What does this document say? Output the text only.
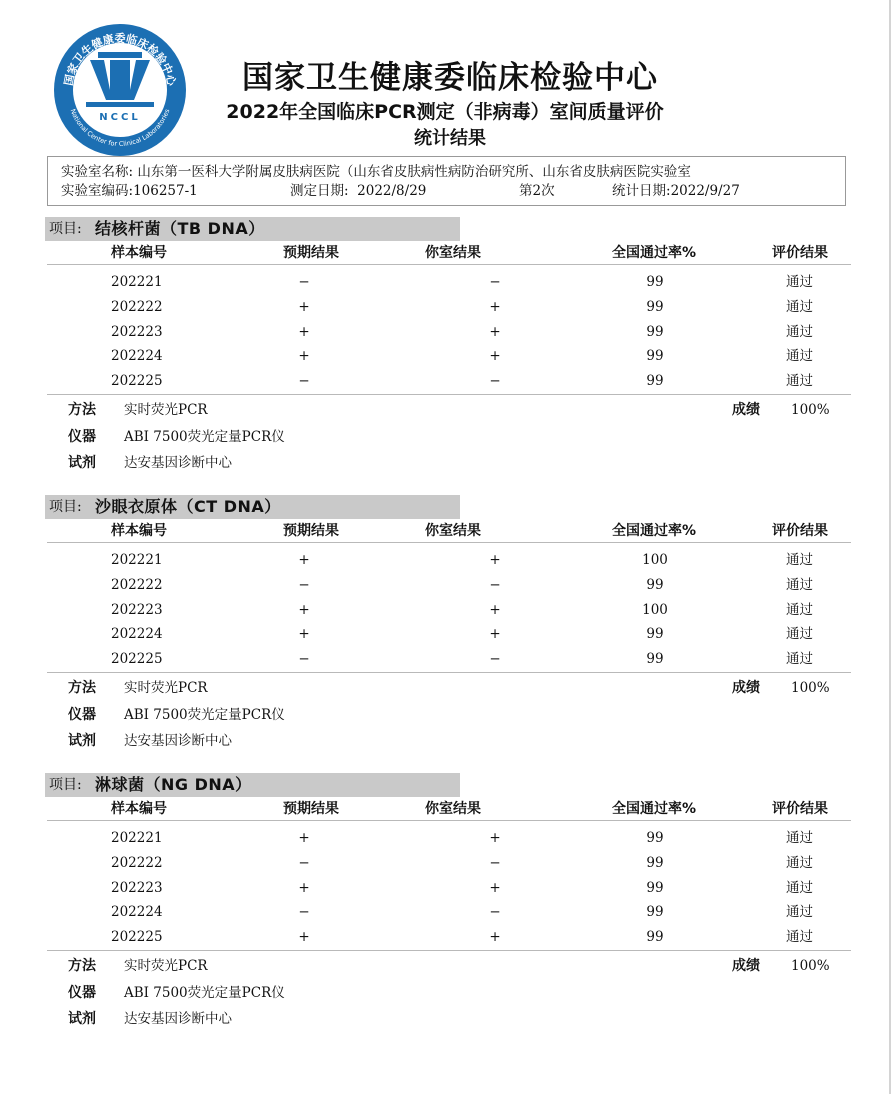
国家卫生健康委临床检验中心
National Center for Clinical Laboratories
NCCL
国家卫生健康委临床检验中心
2022年全国临床PCR测定（非病毒）室间质量评价
统计结果
实验室名称: 山东第一医科大学附属皮肤病医院（山东省皮肤病性病防治研究所、山东省皮肤病医院实验室
实验室编码:106257-1	测定日期: 2022/8/29	第2次	统计日期:2022/9/27
项目: 结核杆菌（TB DNA）
样本编号	预期结果	你室结果	全国通过率%	评价结果
202221	−	−	99	通过
202222	+	+	99	通过
202223	+	+	99	通过
202224	+	+	99	通过
202225	−	−	99	通过
方法 实时荧光PCR
仪器 ABI 7500荧光定量PCR仪
试剂 达安基因诊断中心
成绩 100%
项目: 沙眼衣原体（CT DNA）
样本编号	预期结果	你室结果	全国通过率%	评价结果
202221	+	+	100	通过
202222	−	−	99	通过
202223	+	+	100	通过
202224	+	+	99	通过
202225	−	−	99	通过
方法 实时荧光PCR
仪器 ABI 7500荧光定量PCR仪
试剂 达安基因诊断中心
成绩 100%
项目: 淋球菌（NG DNA）
样本编号	预期结果	你室结果	全国通过率%	评价结果
202221	+	+	99	通过
202222	−	−	99	通过
202223	+	+	99	通过
202224	−	−	99	通过
202225	+	+	99	通过
方法 实时荧光PCR
仪器 ABI 7500荧光定量PCR仪
试剂 达安基因诊断中心
成绩 100%
